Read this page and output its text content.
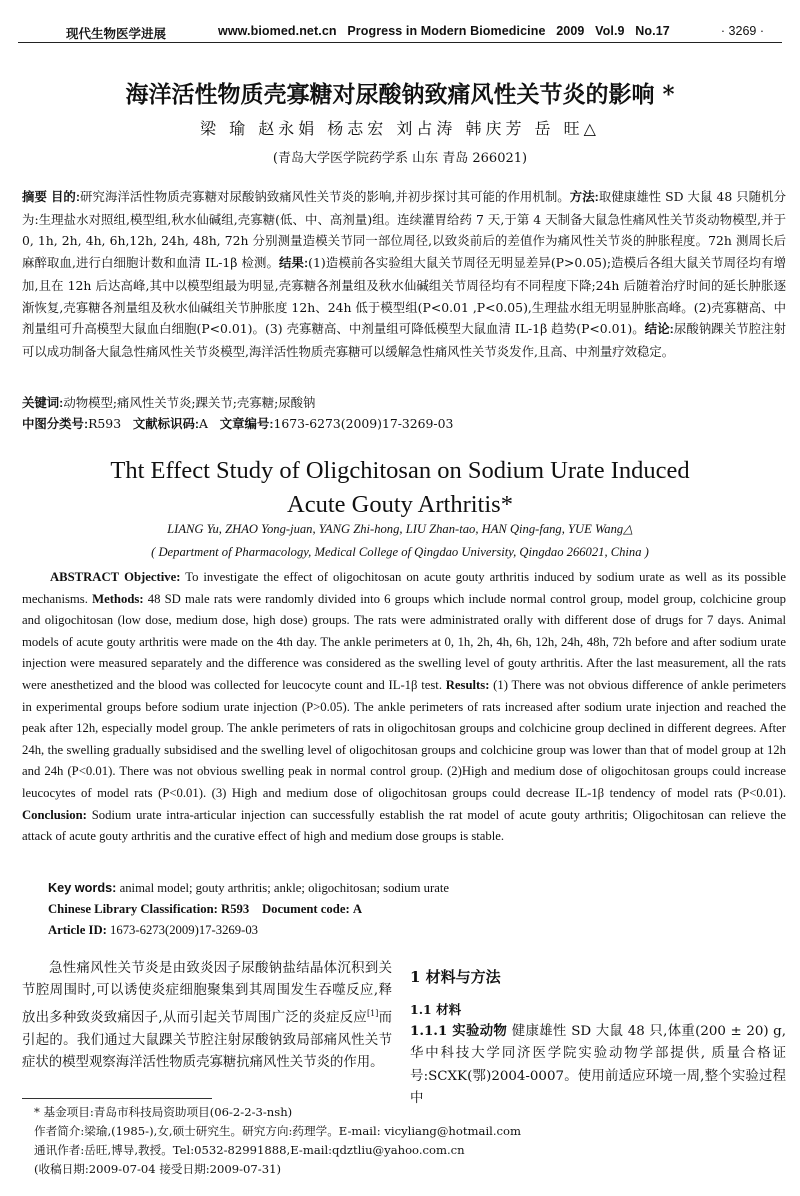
现代生物医学进展	www.biomed.net.cn   Progress in Modern Biomedicine   2009   Vol.9   No.17	· 3269 ·
海洋活性物质壳寡糖对尿酸钠致痛风性关节炎的影响 *
梁 瑜 赵永娟 杨志宏 刘占涛 韩庆芳 岳 旺△
(青岛大学医学院药学系 山东 青岛 266021)
摘要 目的:研究海洋活性物质壳寡糖对尿酸钠致痛风性关节炎的影响,并初步探讨其可能的作用机制。方法:取健康雄性 SD 大鼠 48 只随机分为:生理盐水对照组,模型组,秋水仙碱组,壳寡糖(低、中、高剂量)组。连续灌胃给药 7 天,于第 4 天制备大鼠急性痛风性关节炎动物模型,并于 0, 1h, 2h, 4h, 6h,12h, 24h, 48h, 72h 分别测量造模关节同一部位周径,以致炎前后的差值作为痛风性关节炎的肿胀程度。72h 测周长后麻醉取血,进行白细胞计数和血清 IL-1β 检测。结果:(1)造模前各实验组大鼠关节周径无明显差异(P>0.05);造模后各组大鼠关节周径均有增加,且在 12h 后达高峰,其中以模型组最为明显,壳寡糖各剂量组及秋水仙碱组关节周径均有不同程度下降;24h 后随着治疗时间的延长肿胀逐渐恢复,壳寡糖各剂量组及秋水仙碱组关节肿胀度 12h、24h 低于模型组(P<0.01 ,P<0.05),生理盐水组无明显肿胀高峰。(2)壳寡糖高、中剂量组可升高模型大鼠血白细胞(P<0.01)。(3) 壳寡糖高、中剂量组可降低模型大鼠血清 IL-1β 趋势(P<0.01)。结论:尿酸钠踝关节腔注射可以成功制备大鼠急性痛风性关节炎模型,海洋活性物质壳寡糖可以缓解急性痛风性关节炎发作,且高、中剂量疗效稳定。
关键词:动物模型;痛风性关节炎;踝关节;壳寡糖;尿酸钠
中图分类号:R593 文献标识码:A 文章编号:1673-6273(2009)17-3269-03
Tht Effect Study of Oligchitosan on Sodium Urate Induced Acute Gouty Arthritis*
LIANG Yu, ZHAO Yong-juan, YANG Zhi-hong, LIU Zhan-tao, HAN Qing-fang, YUE Wang△
( Department of Pharmacology, Medical College of Qingdao University, Qingdao 266021, China )
ABSTRACT Objective: To investigate the effect of oligochitosan on acute gouty arthritis induced by sodium urate as well as its possible mechanisms. Methods: 48 SD male rats were randomly divided into 6 groups which include normal control group, model group, colchicine group and oligochitosan (low dose, medium dose, high dose) groups. The rats were administrated orally with different dose of drugs for 7 days. Animal models of acute gouty arthritis were made on the 4th day. The ankle perimeters at 0, 1h, 2h, 4h, 6h, 12h, 24h, 48h, 72h before and after sodium urate injection were measured separately and the difference was considered as the swelling level of gouty arthritis. After the last measurement, all the rats were anesthetized and the blood was collected for leucocyte count and IL-1β test. Results: (1) There was not obvious difference of ankle perimeters in experimental groups before sodium urate injection (P>0.05). The ankle perimeters of rats increased after sodium urate injection and reached the peak after 12h, especially model group. The ankle perimeters of rats in oligochitosan groups and colchicine group declined in different degrees. After 24h, the swelling gradually subsidised and the swelling level of oligochitosan groups and colchicine group was lower than that of model group at 12h and 24h (P<0.01). There was not obvious swelling peak in normal control group. (2)High and medium dose of oligochitosan groups could increase leucocytes of model rats (P<0.01). (3) High and medium dose of oligochitosan groups could decrease IL-1β tendency of model rats (P<0.01). Conclusion: Sodium urate intra-articular injection can successfully establish the rat model of acute gouty arthritis; Oligochitosan can relieve the attack of acute gouty arthritis and the curative effect of high and medium dose groups is stable.
Key words: animal model; gouty arthritis; ankle; oligochitosan; sodium urate
Chinese Library Classification: R593 Document code: A
Article ID: 1673-6273(2009)17-3269-03
急性痛风性关节炎是由致炎因子尿酸钠盐结晶体沉积到关节腔周围时,可以诱使炎症细胞聚集到其周围发生吞噬反应,释放出多种致炎致痛因子,从而引起关节周围广泛的炎症反应[1]而引起的。我们通过大鼠踝关节腔注射尿酸钠致局部痛风性关节症状的模型观察海洋活性物质壳寡糖抗痛风性关节炎的作用。
1 材料与方法
1.1 材料
1.1.1 实验动物 健康雄性 SD 大鼠 48 只,体重(200 ± 20) g,华中科技大学同济医学院实验动物学部提供, 质量合格证号:SCXK(鄂)2004-0007。使用前适应环境一周,整个实验过程中
* 基金项目:青岛市科技局资助项目(06-2-2-3-nsh)
作者简介:梁瑜,(1985-),女,硕士研究生。研究方向:药理学。E-mail: vicyliang@hotmail.com
通讯作者:岳旺,博导,教授。Tel:0532-82991888,E-mail:qdztliu@yahoo.com.cn
(收稿日期:2009-07-04 接受日期:2009-07-31)
